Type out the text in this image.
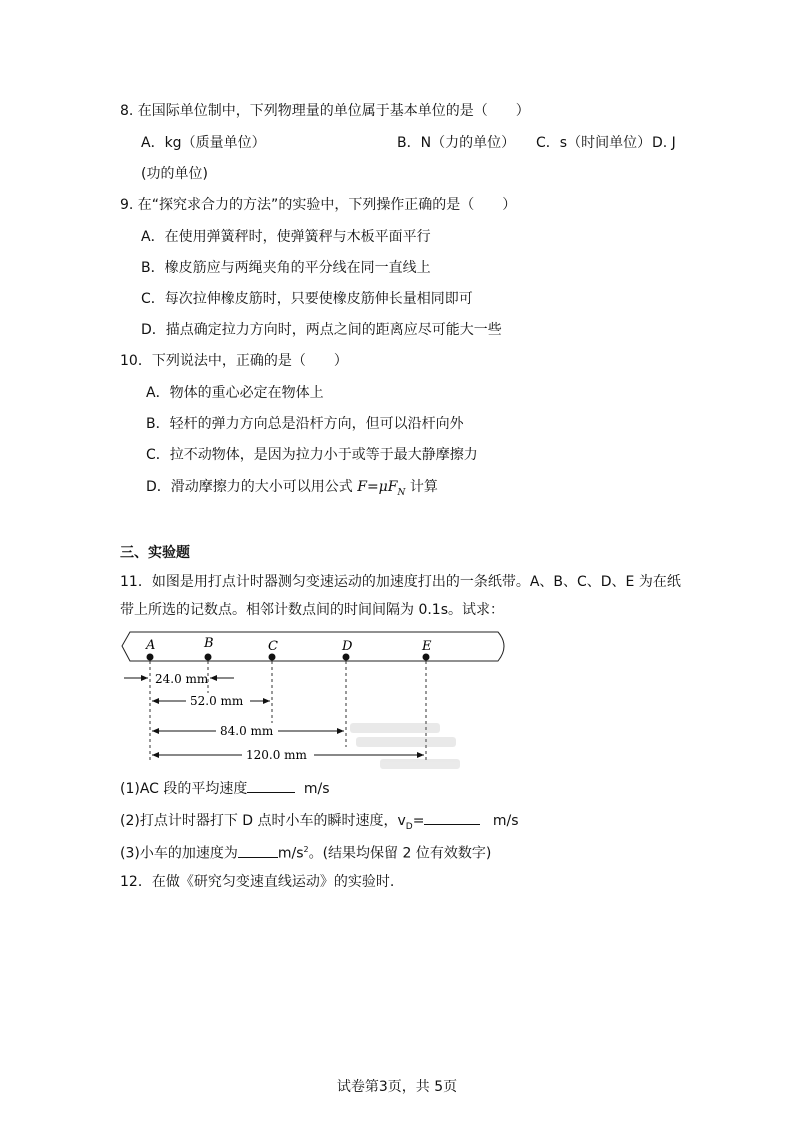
8. 在国际单位制中，下列物理量的单位属于基本单位的是（　　）
A．kg（质量单位）	B．N（力的单位） C．s（时间单位） D. J
(功的单位)
9. 在“探究求合力的方法”的实验中，下列操作正确的是（　　）
A．在使用弹簧秤时，使弹簧秤与木板平面平行
B．橡皮筋应与两绳夹角的平分线在同一直线上
C．每次拉伸橡皮筋时，只要使橡皮筋伸长量相同即可
D．描点确定拉力方向时，两点之间的距离应尽可能大一些
10．下列说法中，正确的是（　　）
A．物体的重心必定在物体上
B．轻杆的弹力方向总是沿杆方向，但可以沿杆向外
C．拉不动物体，是因为拉力小于或等于最大静摩擦力
D．滑动摩擦力的大小可以用公式 $F=\mu F_N$ 计算
三、实验题
11．如图是用打点计时器测匀变速运动的加速度打出的一条纸带。A、B、C、D、E 为在纸
带上所选的记数点。相邻计数点间的时间间隔为 0.1s。试求：
A	B	C	D	E
24.0 mm
52.0 mm
84.0 mm
120.0 mm
(1)AC 段的平均速度	m/s
(2)打点计时器打下 D 点时小车的瞬时速度，$v_D=$	m/s
(3)小车的加速度为	$m/s^2$。(结果均保留 2 位有效数字)
12．在做《研究匀变速直线运动》的实验时.
试卷第3页，共 5页
